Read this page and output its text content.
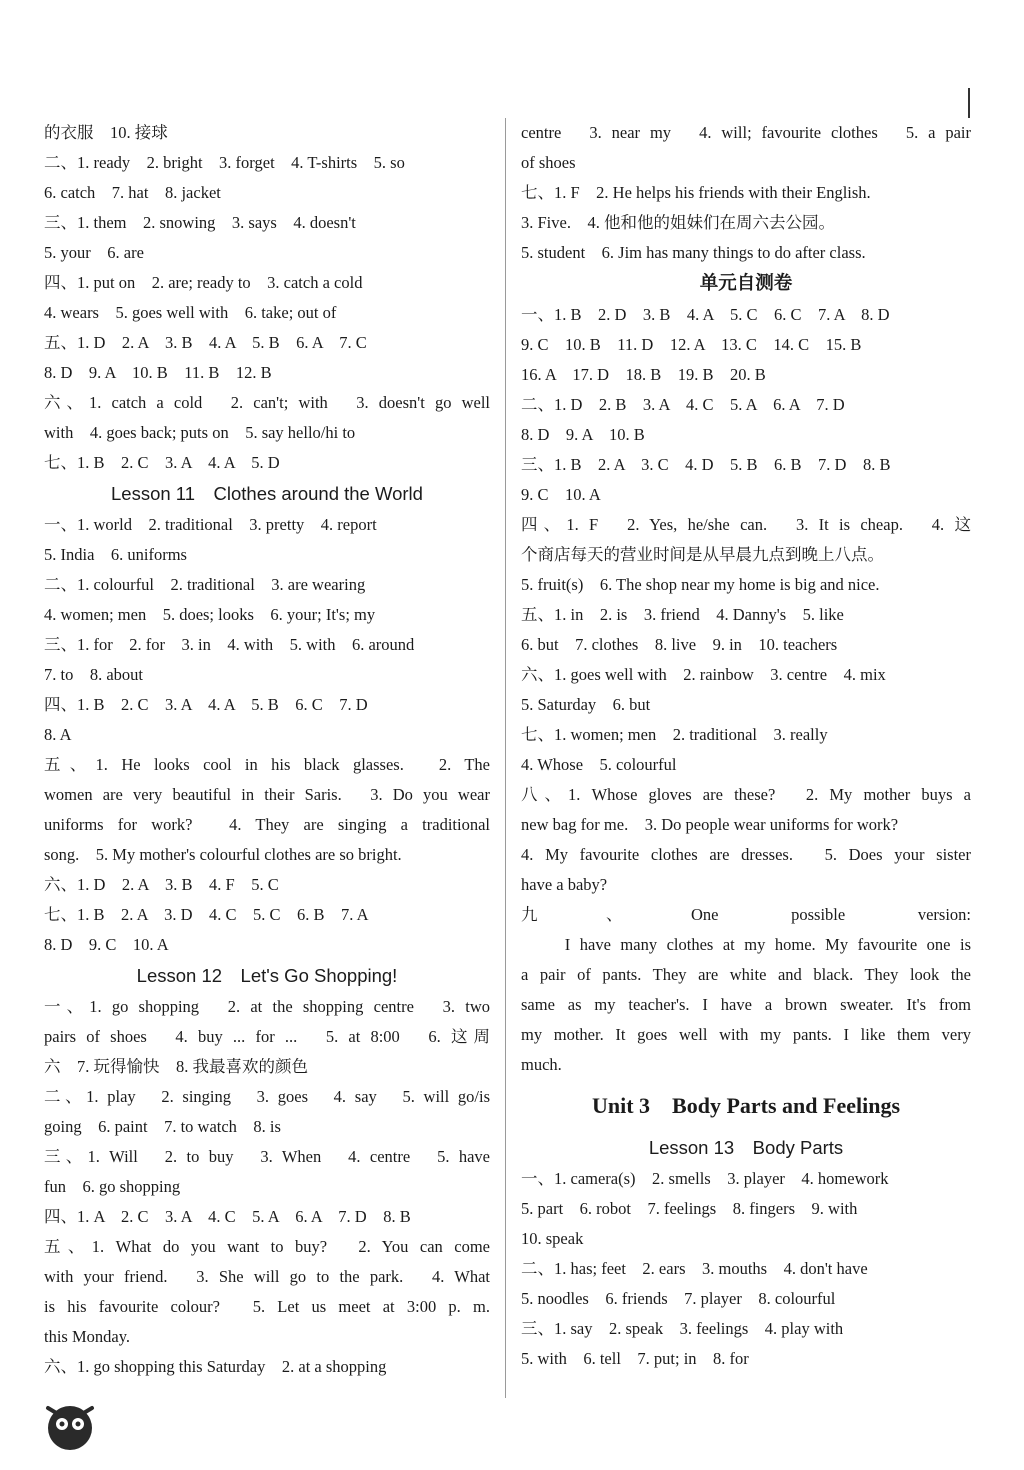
的衣服　10. 接球
二、1. ready　2. bright　3. forget　4. T-shirts　5. so
6. catch　7. hat　8. jacket
三、1. them　2. snowing　3. says　4. doesn't
5. your　6. are
四、1. put on　2. are; ready to　3. catch a cold
4. wears　5. goes well with　6. take; out of
五、1. D　2. A　3. B　4. A　5. B　6. A　7. C
8. D　9. A　10. B　11. B　12. B
六、1. catch a cold　2. can't; with　3. doesn't go well
with　4. goes back; puts on　5. say hello/hi to
七、1. B　2. C　3. A　4. A　5. D
Lesson 11　Clothes around the World
一、1. world　2. traditional　3. pretty　4. report
5. India　6. uniforms
二、1. colourful　2. traditional　3. are wearing
4. women; men　5. does; looks　6. your; It's; my
三、1. for　2. for　3. in　4. with　5. with　6. around
7. to　8. about
四、1. B　2. C　3. A　4. A　5. B　6. C　7. D
8. A
五、1. He looks cool in his black glasses.　2. The
women are very beautiful in their Saris.　3. Do you wear
uniforms for work?　4. They are singing a traditional
song.　5. My mother's colourful clothes are so bright.
六、1. D　2. A　3. B　4. F　5. C
七、1. B　2. A　3. D　4. C　5. C　6. B　7. A
8. D　9. C　10. A
Lesson 12　Let's Go Shopping!
一、1. go shopping　2. at the shopping centre　3. two
pairs of shoes　4. buy ... for ...　5. at 8:00　6. 这周
六　7. 玩得愉快　8. 我最喜欢的颜色
二、1. play　2. singing　3. goes　4. say　5. will go/is
going　6. paint　7. to watch　8. is
三、1. Will　2. to buy　3. When　4. centre　5. have
fun　6. go shopping
四、1. A　2. C　3. A　4. C　5. A　6. A　7. D　8. B
五、1. What do you want to buy?　2. You can come
with your friend.　3. She will go to the park.　4. What
is his favourite colour?　5. Let us meet at 3:00 p. m.
this Monday.
六、1. go shopping this Saturday　2. at a shopping
centre　3. near my　4. will; favourite clothes　5. a pair
of shoes
七、1. F　2. He helps his friends with their English.
3. Five.　4. 他和他的姐妹们在周六去公园。
5. student　6. Jim has many things to do after class.
单元自测卷
一、1. B　2. D　3. B　4. A　5. C　6. C　7. A　8. D
9. C　10. B　11. D　12. A　13. C　14. C　15. B
16. A　17. D　18. B　19. B　20. B
二、1. D　2. B　3. A　4. C　5. A　6. A　7. D
8. D　9. A　10. B
三、1. B　2. A　3. C　4. D　5. B　6. B　7. D　8. B
9. C　10. A
四、1. F　2. Yes, he/she can.　3. It is cheap.　4. 这
个商店每天的营业时间是从早晨九点到晚上八点。
5. fruit(s)　6. The shop near my home is big and nice.
五、1. in　2. is　3. friend　4. Danny's　5. like
6. but　7. clothes　8. live　9. in　10. teachers
六、1. goes well with　2. rainbow　3. centre　4. mix
5. Saturday　6. but
七、1. women; men　2. traditional　3. really
4. Whose　5. colourful
八、1. Whose gloves are these?　2. My mother buys a
new bag for me.　3. Do people wear uniforms for work?
4. My favourite clothes are dresses.　5. Does your sister
have a baby?
九、One possible version:
　　I have many clothes at my home. My favourite one is
a pair of pants. They are white and black. They look the
same as my teacher's. I have a brown sweater. It's from
my mother. It goes well with my pants. I like them very
much.
Unit 3　Body Parts and Feelings
Lesson 13　Body Parts
一、1. camera(s)　2. smells　3. player　4. homework
5. part　6. robot　7. feelings　8. fingers　9. with
10. speak
二、1. has; feet　2. ears　3. mouths　4. don't have
5. noodles　6. friends　7. player　8. colourful
三、1. say　2. speak　3. feelings　4. play with
5. with　6. tell　7. put; in　8. for
